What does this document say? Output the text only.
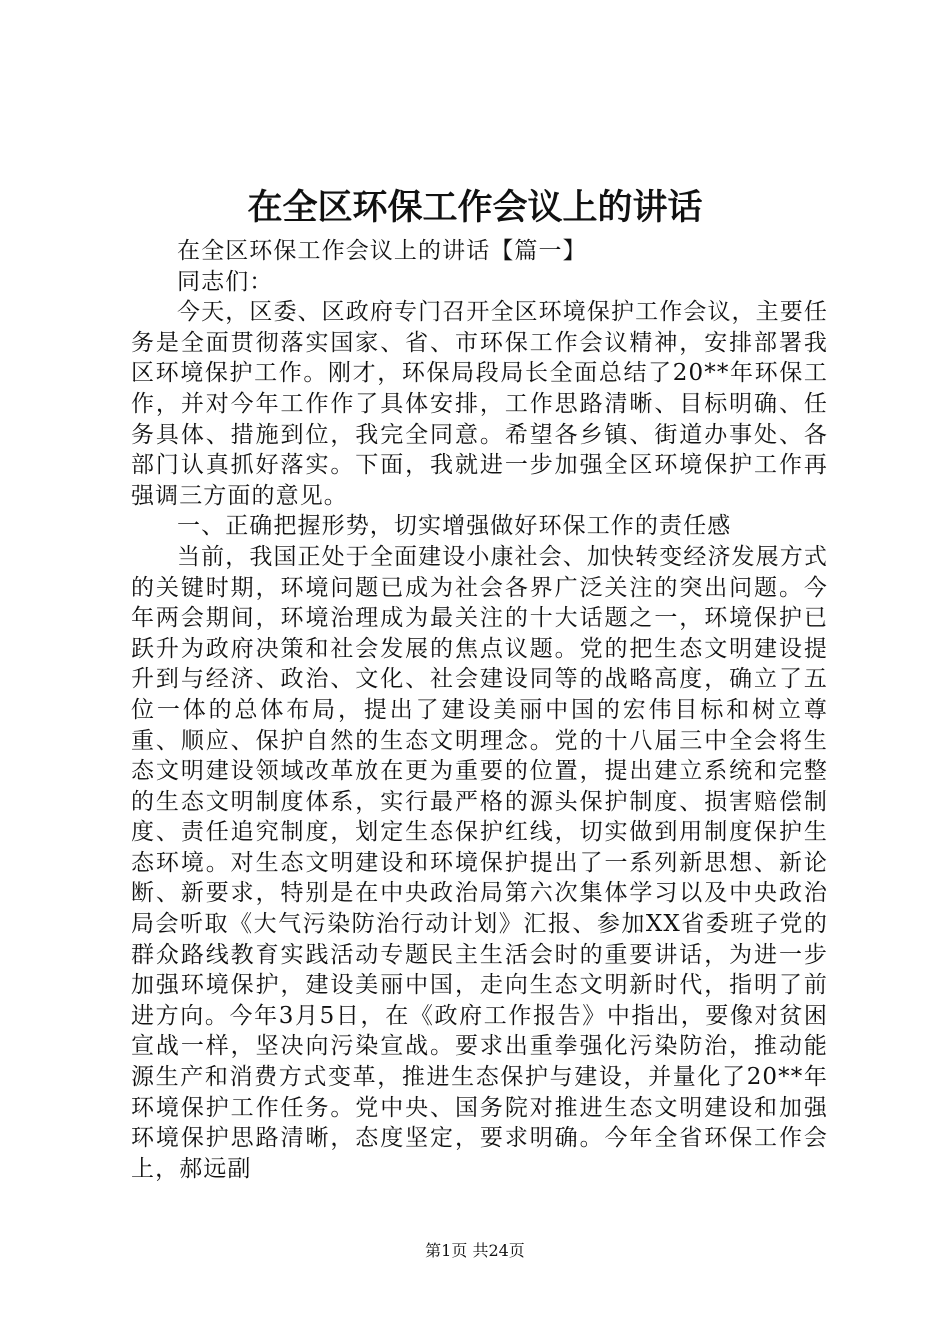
在全区环保工作会议上的讲话

在全区环保工作会议上的讲话【篇一】

同志们：

今天，区委、区政府专门召开全区环境保护工作会议，主要任务是全面贯彻落实国家、省、市环保工作会议精神，安排部署我区环境保护工作。刚才，环保局段局长全面总结了20**年环保工作，并对今年工作作了具体安排，工作思路清晰、目标明确、任务具体、措施到位，我完全同意。希望各乡镇、街道办事处、各部门认真抓好落实。下面，我就进一步加强全区环境保护工作再强调三方面的意见。

一、正确把握形势，切实增强做好环保工作的责任感

当前，我国正处于全面建设小康社会、加快转变经济发展方式的关键时期，环境问题已成为社会各界广泛关注的突出问题。今年两会期间，环境治理成为最关注的十大话题之一，环境保护已跃升为政府决策和社会发展的焦点议题。党的把生态文明建设提升到与经济、政治、文化、社会建设同等的战略高度，确立了五位一体的总体布局，提出了建设美丽中国的宏伟目标和树立尊重、顺应、保护自然的生态文明理念。党的十八届三中全会将生态文明建设领域改革放在更为重要的位置，提出建立系统和完整的生态文明制度体系，实行最严格的源头保护制度、损害赔偿制度、责任追究制度，划定生态保护红线，切实做到用制度保护生态环境。对生态文明建设和环境保护提出了一系列新思想、新论断、新要求，特别是在中央政治局第六次集体学习以及中央政治局会听取《大气污染防治行动计划》汇报、参加XX省委班子党的群众路线教育实践活动专题民主生活会时的重要讲话，为进一步加强环境保护，建设美丽中国，走向生态文明新时代，指明了前进方向。今年3月5日，在《政府工作报告》中指出，要像对贫困宣战一样，坚决向污染宣战。要求出重拳强化污染防治，推动能源生产和消费方式变革，推进生态保护与建设，并量化了20**年环境保护工作任务。党中央、国务院对推进生态文明建设和加强环境保护思路清晰，态度坚定，要求明确。今年全省环保工作会上，郝远副

第1页 共24页
